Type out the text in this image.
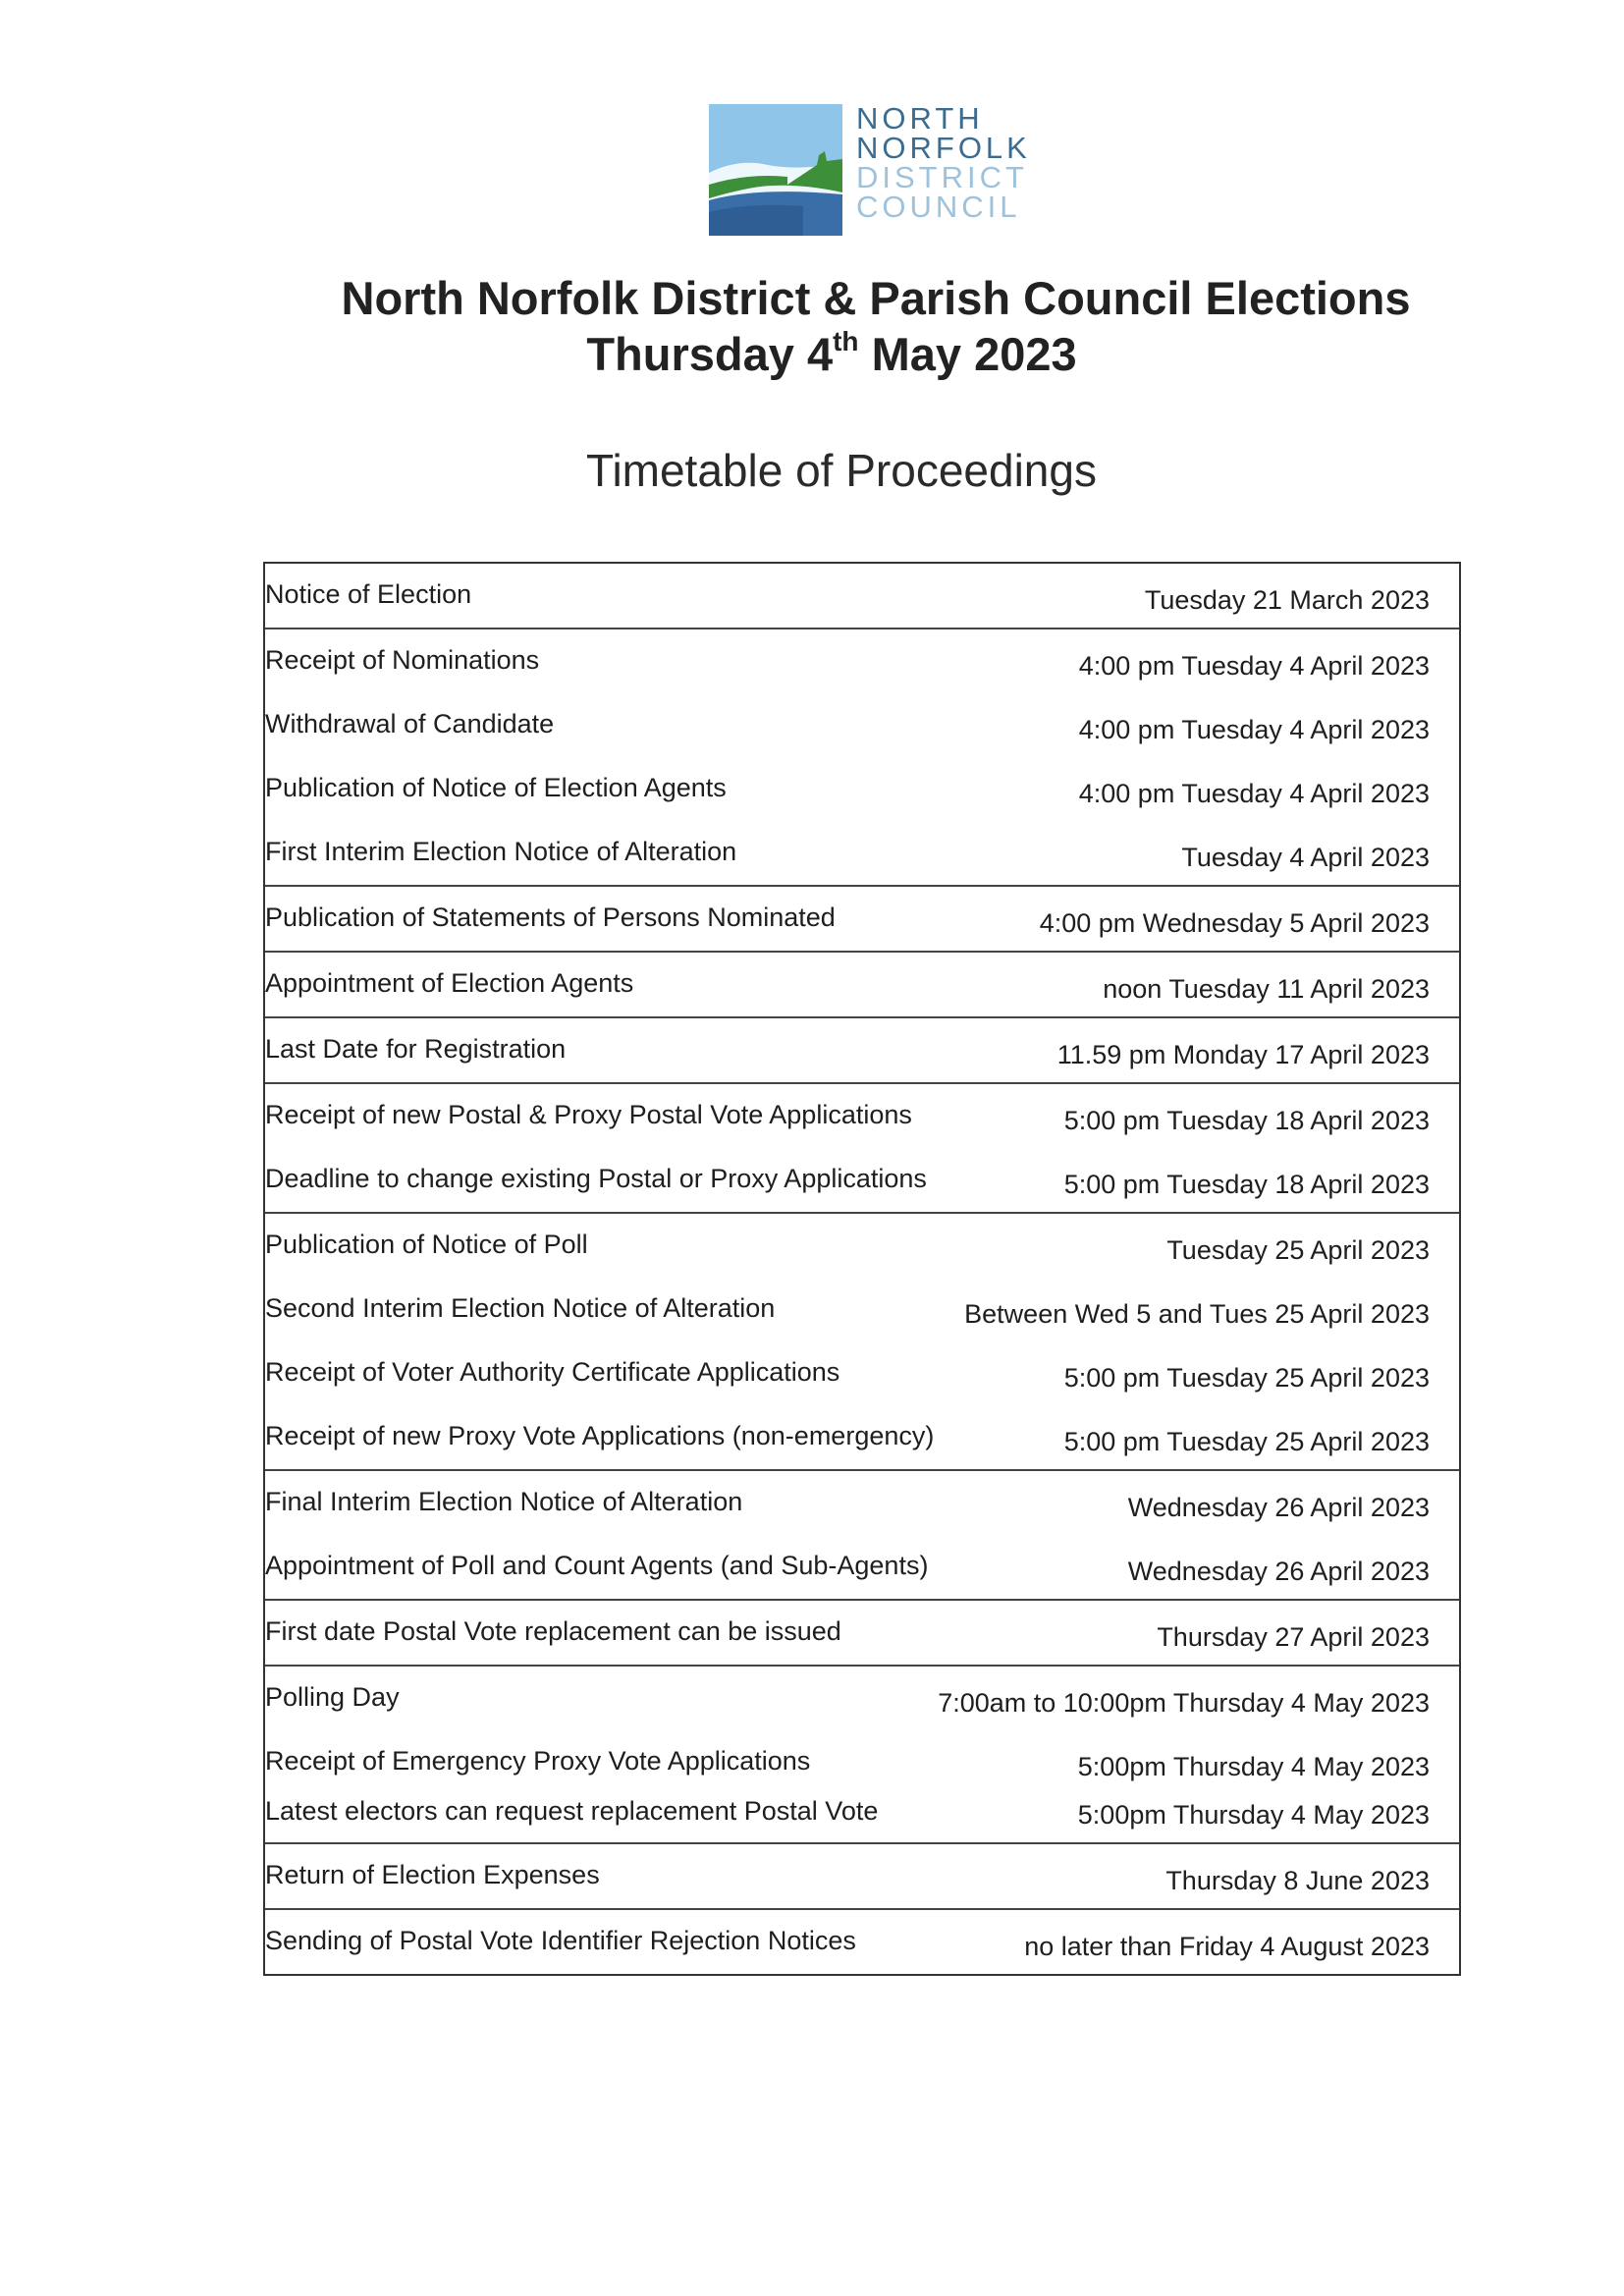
NORTH
NORFOLK
DISTRICT
COUNCIL
North Norfolk District & Parish Council Elections
Thursday 4th May 2023
Timetable of Proceedings
Notice of Election	Tuesday 21 March 2023
Receipt of Nominations	4:00 pm Tuesday 4 April 2023
Withdrawal of Candidate	4:00 pm Tuesday 4 April 2023
Publication of Notice of Election Agents	4:00 pm Tuesday 4 April 2023
First Interim Election Notice of Alteration	Tuesday 4 April 2023
Publication of Statements of Persons Nominated	4:00 pm Wednesday 5 April 2023
Appointment of Election Agents	noon Tuesday 11 April 2023
Last Date for Registration	11.59 pm Monday 17 April 2023
Receipt of new Postal & Proxy Postal Vote Applications	5:00 pm Tuesday 18 April 2023
Deadline to change existing Postal or Proxy Applications	5:00 pm Tuesday 18 April 2023
Publication of Notice of Poll	Tuesday 25 April 2023
Second Interim Election Notice of Alteration	Between Wed 5 and Tues 25 April 2023
Receipt of Voter Authority Certificate Applications	5:00 pm Tuesday 25 April 2023
Receipt of new Proxy Vote Applications (non-emergency)	5:00 pm Tuesday 25 April 2023
Final Interim Election Notice of Alteration	Wednesday 26 April 2023
Appointment of Poll and Count Agents (and Sub-Agents)	Wednesday 26 April 2023
First date Postal Vote replacement can be issued	Thursday 27 April 2023
Polling Day	7:00am to 10:00pm Thursday 4 May 2023
Receipt of Emergency Proxy Vote Applications	5:00pm Thursday 4 May 2023
Latest electors can request replacement Postal Vote	5:00pm Thursday 4 May 2023
Return of Election Expenses	Thursday 8 June 2023
Sending of Postal Vote Identifier Rejection Notices	no later than Friday 4 August 2023
